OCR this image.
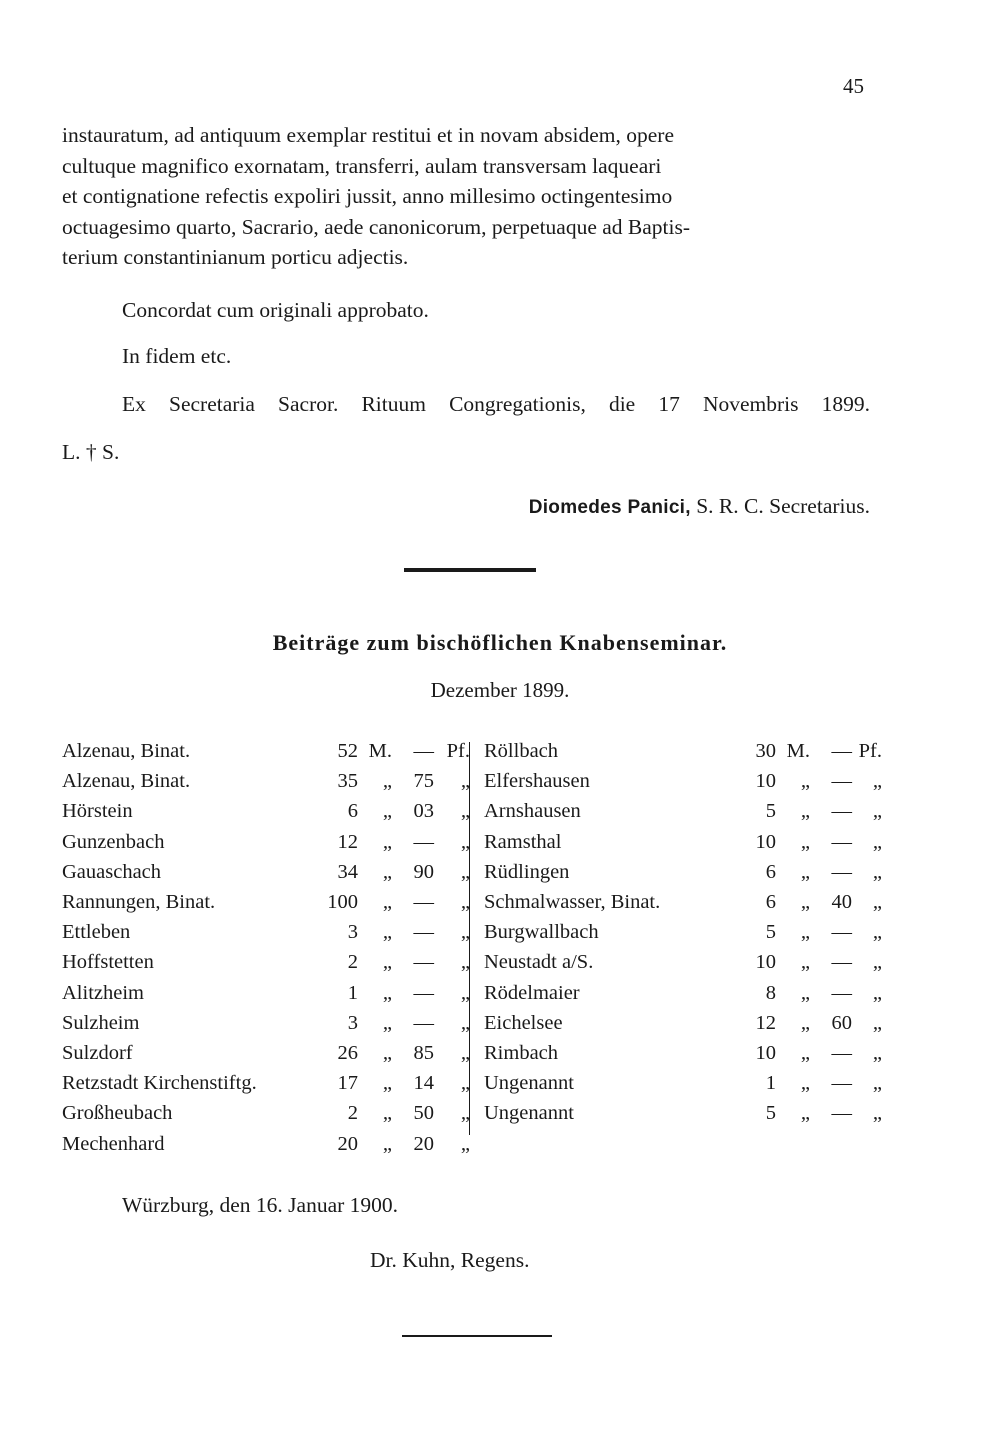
45
instauratum, ad antiquum exemplar restitui et in novam absidem, opere
cultuque magnifico exornatam, transferri, aulam transversam laqueari
et contignatione refectis expoliri jussit, anno millesimo octingentesimo
octuagesimo quarto, Sacrario, aede canonicorum, perpetuaque ad Baptis-
terium constantinianum porticu adjectis.
Concordat cum originali approbato.
In fidem etc.
Ex Secretaria Sacror. Rituum Congregationis, die 17 Novembris 1899.
L. † S.
Diomedes Panici, S. R. C. Secretarius.
Beiträge zum bischöflichen Knabenseminar.
Dezember 1899.
Alzenau, Binat.	52 M.	— Pf.
Alzenau, Binat.	35	„	75	„
Hörstein	6	„	03	„
Gunzenbach	12	„	—	„
Gauaschach	34	„	90	„
Rannungen, Binat.	100	„	—	„
Ettleben	3	„	—	„
Hoffstetten	2	„	—	„
Alitzheim	1	„	—	„
Sulzheim	3	„	—	„
Sulzdorf	26	„	85	„
Retzstadt Kirchenstiftg.	17	„	14	„
Großheubach	2	„	50	„
Mechenhard	20	„	20	„
Röllbach	30 M.	— Pf.
Elfershausen	10	„	—	„
Arnshausen	5	„	—	„
Ramsthal	10	„	—	„
Rüdlingen	6	„	—	„
Schmalwasser, Binat.	6	„	40	„
Burgwallbach	5	„	—	„
Neustadt a/S.	10	„	—	„
Rödelmaier	8	„	—	„
Eichelsee	12	„	60	„
Rimbach	10	„	—	„
Ungenannt	1	„	—	„
Ungenannt	5	„	—	„
Würzburg, den 16. Januar 1900.
Dr. Kuhn, Regens.
